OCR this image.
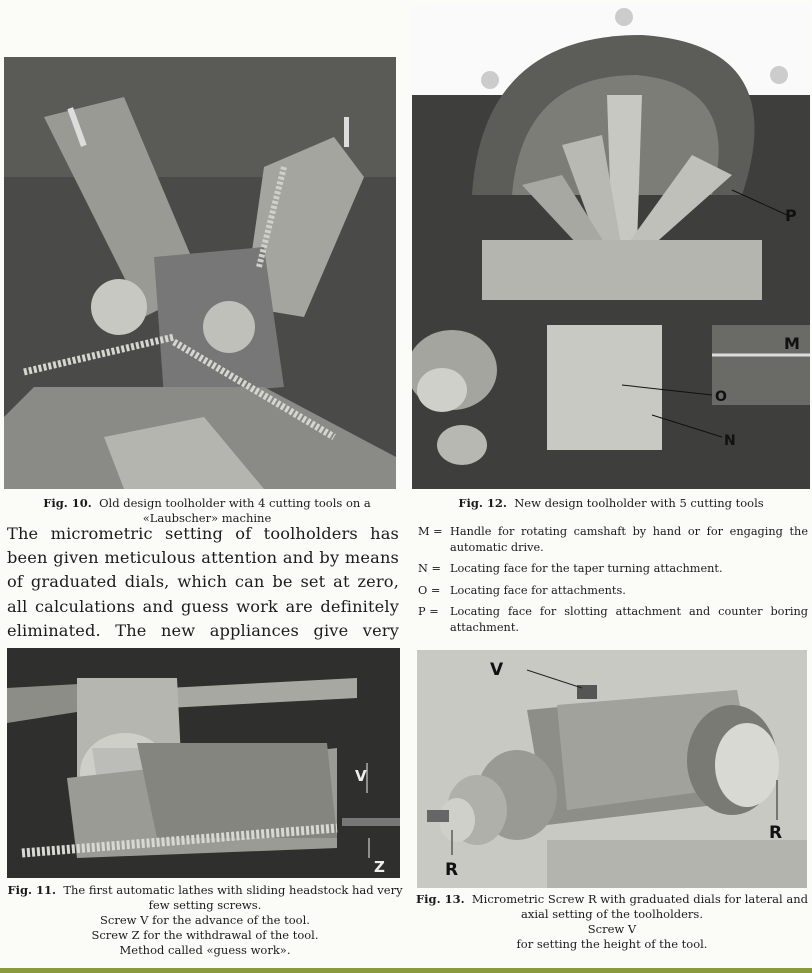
Fig. 10. Old design toolholder with 4 cutting tools on a
«Laubscher» machine
P
M
O
N
Fig. 12. New design toolholder with 5 cutting tools
The micrometric setting of toolholders has been given meticulous attention and by means of graduated dials, which can be set at zero, all calculations and guess work are definitely eliminated. The new appliances give very
M = Handle for rotating camshaft by hand or for engaging the automatic drive.
N = Locating face for the taper turning attachment.
O = Locating face for attachments.
P =	Locating face for slotting attachment and counter boring attachment.
V
Z
Fig. 11. The first automatic lathes with sliding headstock had very few setting screws.
Screw V for the advance of the tool.
Screw Z for the withdrawal of the tool.
Method called «guess work».
V
R
R
Fig. 13. Micrometric Screw R with graduated dials for lateral and axial setting of the toolholders.
Screw V
for setting the height of the tool.
